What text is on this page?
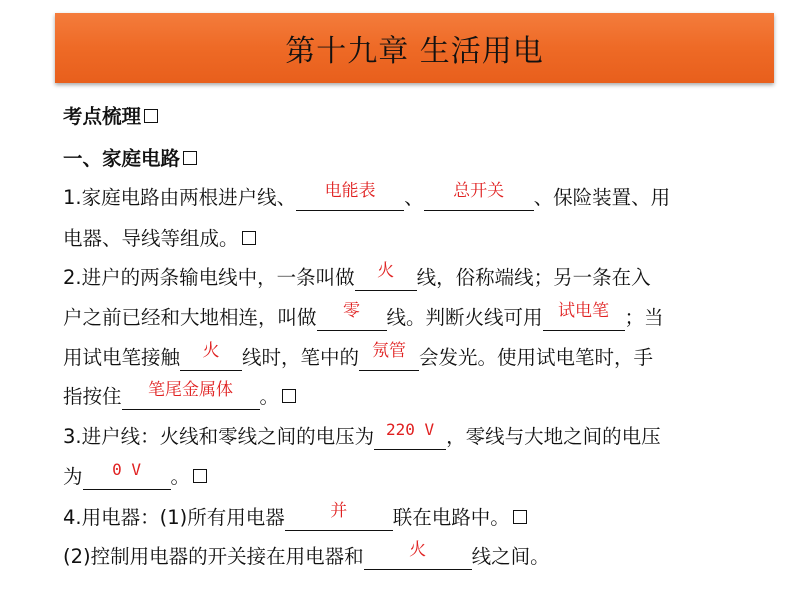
第十九章 生活用电
考点梳理
一、家庭电路
1.家庭电路由两根进户线、	电能表	、	总开关	、保险装置、用
电器、导线等组成。
2.进户的两条输电线中，一条叫做	火	线，俗称端线；另一条在入
户之前已经和大地相连，叫做	零	线。判断火线可用 试电笔 ；当
用试电笔接触	火	线时，笔中的 氖管 会发光。使用试电笔时，手
指按住	笔尾金属体	。
3.进户线：火线和零线之间的电压为 220 V ，零线与大地之间的电压
为	0 V	。
4.用电器：(1)所有用电器	并	联在电路中。
(2)控制用电器的开关接在用电器和	火	线之间。
